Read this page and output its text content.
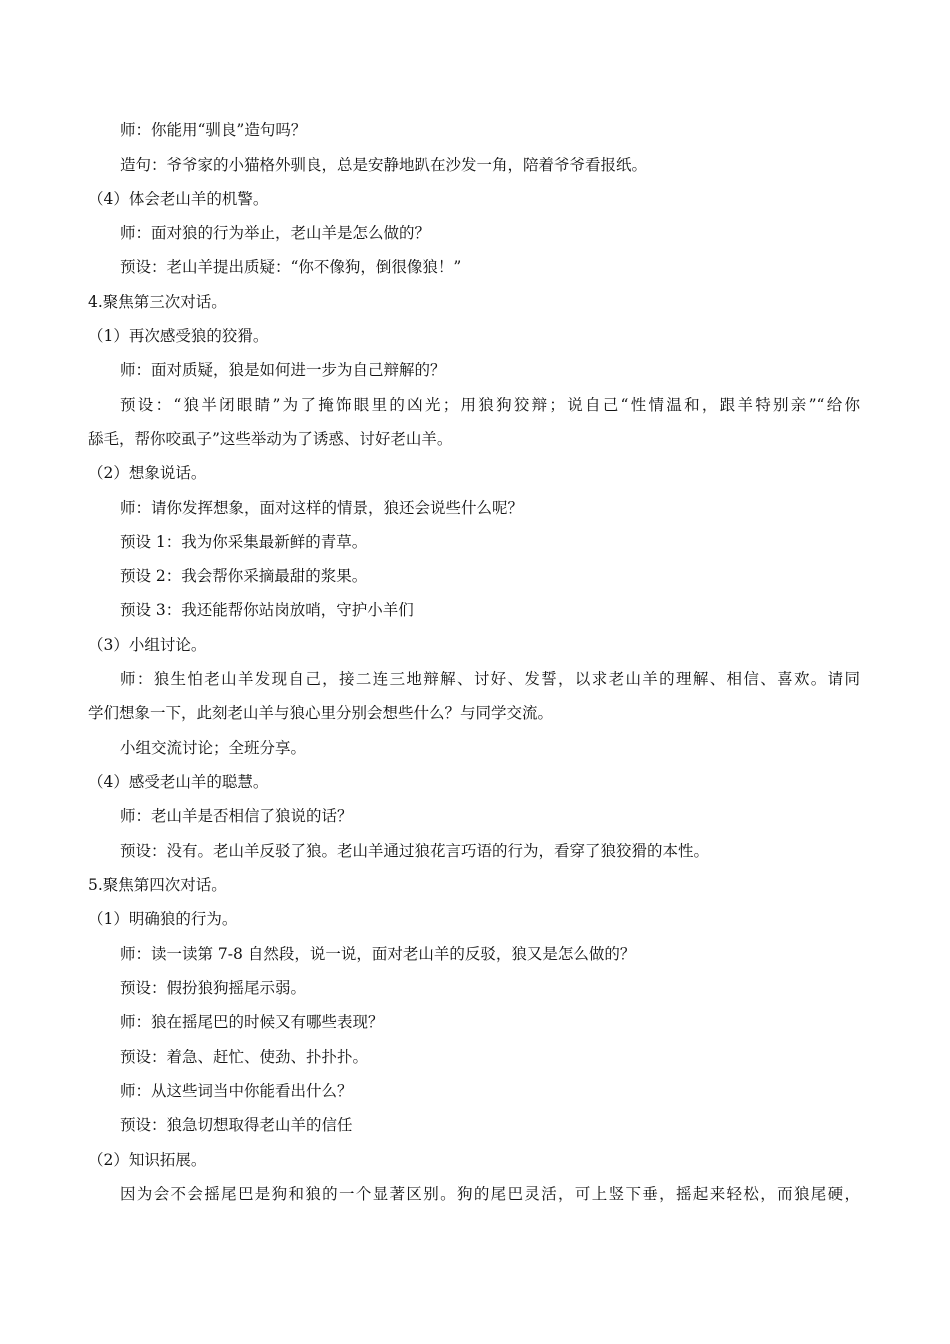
师：你能用“驯良”造句吗？
造句：爷爷家的小猫格外驯良，总是安静地趴在沙发一角，陪着爷爷看报纸。
（4）体会老山羊的机警。
师：面对狼的行为举止，老山羊是怎么做的？
预设：老山羊提出质疑：“你不像狗，倒很像狼！”
4.聚焦第三次对话。
（1）再次感受狼的狡猾。
师：面对质疑，狼是如何进一步为自己辩解的？
预设：“狼半闭眼睛”为了掩饰眼里的凶光；用狼狗狡辩；说自己“性情温和，跟羊特别亲”“给你
舔毛，帮你咬虱子”这些举动为了诱惑、讨好老山羊。
（2）想象说话。
师：请你发挥想象，面对这样的情景，狼还会说些什么呢？
预设 1：我为你采集最新鲜的青草。
预设 2：我会帮你采摘最甜的浆果。
预设 3：我还能帮你站岗放哨，守护小羊们
（3）小组讨论。
师：狼生怕老山羊发现自己，接二连三地辩解、讨好、发誓，以求老山羊的理解、相信、喜欢。请同
学们想象一下，此刻老山羊与狼心里分别会想些什么？与同学交流。
小组交流讨论；全班分享。
（4）感受老山羊的聪慧。
师：老山羊是否相信了狼说的话？
预设：没有。老山羊反驳了狼。老山羊通过狼花言巧语的行为，看穿了狼狡猾的本性。
5.聚焦第四次对话。
（1）明确狼的行为。
师：读一读第 7-8 自然段，说一说，面对老山羊的反驳，狼又是怎么做的？
预设：假扮狼狗摇尾示弱。
师：狼在摇尾巴的时候又有哪些表现？
预设：着急、赶忙、使劲、扑扑扑。
师：从这些词当中你能看出什么？
预设：狼急切想取得老山羊的信任
（2）知识拓展。
因为会不会摇尾巴是狗和狼的一个显著区别。狗的尾巴灵活，可上竖下垂，摇起来轻松，而狼尾硬，
